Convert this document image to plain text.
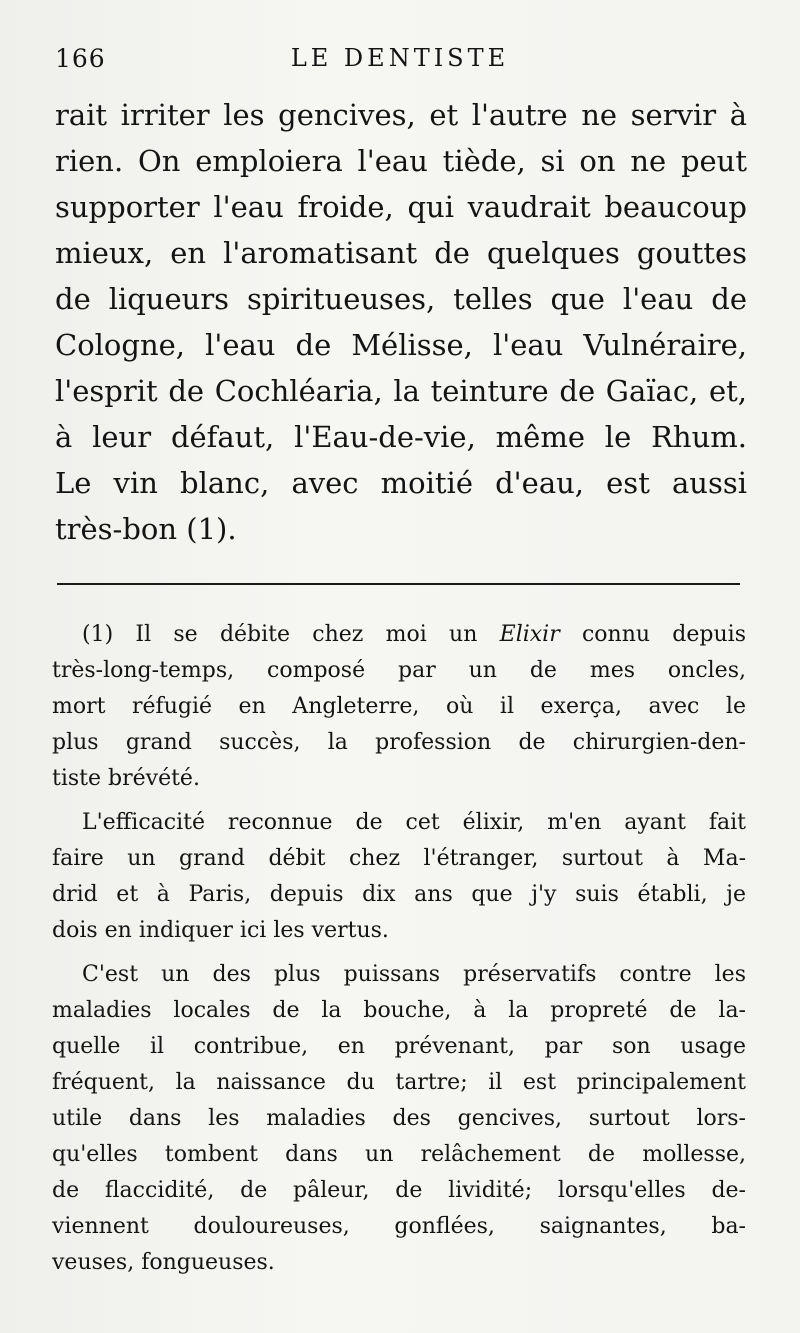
166	LE DENTISTE
rait irriter les gencives, et l'autre ne servir à
rien. On emploiera l'eau tiède, si on ne peut
supporter l'eau froide, qui vaudrait beaucoup
mieux, en l'aromatisant de quelques gouttes
de liqueurs spiritueuses, telles que l'eau de
Cologne, l'eau de Mélisse, l'eau Vulnéraire,
l'esprit de Cochléaria, la teinture de Gaïac, et,
à leur défaut, l'Eau-de-vie, même le Rhum.
Le vin blanc, avec moitié d'eau, est aussi
très-bon (1).
(1) Il se débite chez moi un Elixir connu depuis
très-long-temps, composé par un de mes oncles,
mort réfugié en Angleterre, où il exerça, avec le
plus grand succès, la profession de chirurgien-den-
tiste brévété.
L'efficacité reconnue de cet élixir, m'en ayant fait
faire un grand débit chez l'étranger, surtout à Ma-
drid et à Paris, depuis dix ans que j'y suis établi, je
dois en indiquer ici les vertus.
C'est un des plus puissans préservatifs contre les
maladies locales de la bouche, à la propreté de la-
quelle il contribue, en prévenant, par son usage
fréquent, la naissance du tartre; il est principalement
utile dans les maladies des gencives, surtout lors-
qu'elles tombent dans un relâchement de mollesse,
de flaccidité, de pâleur, de lividité; lorsqu'elles de-
viennent douloureuses, gonflées, saignantes, ba-
veuses, fongueuses.
